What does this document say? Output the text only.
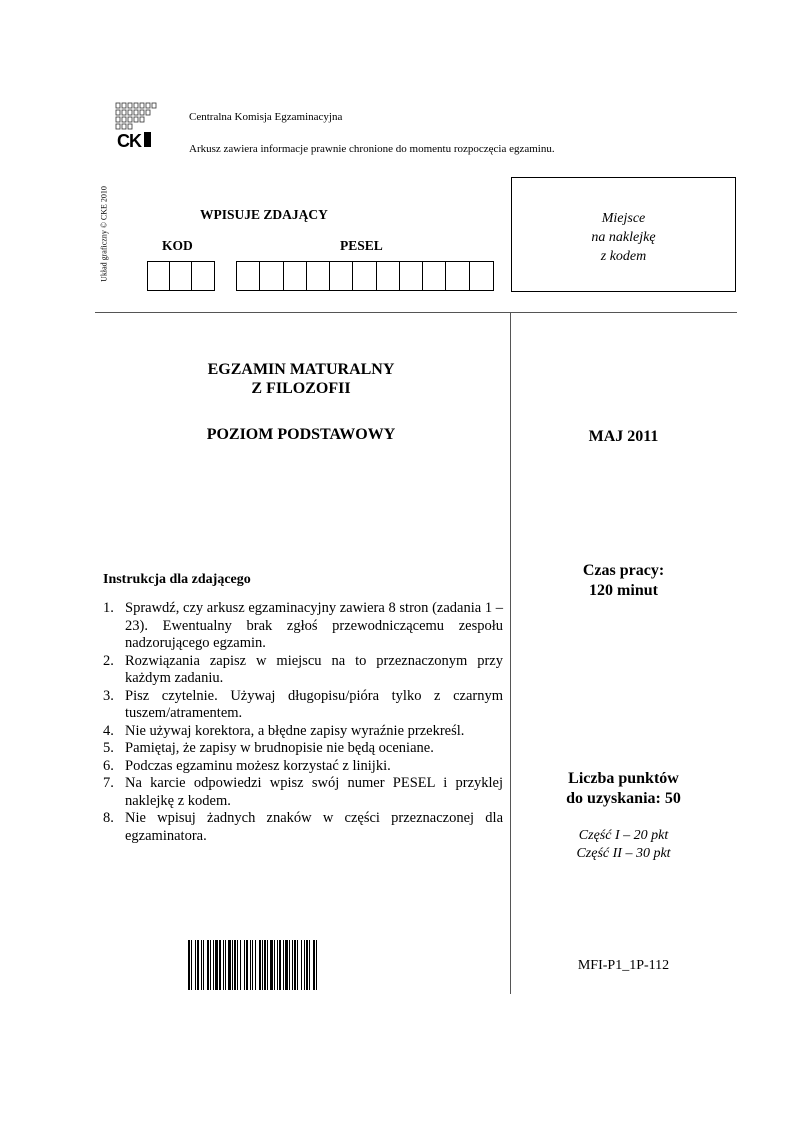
CK
Centralna Komisja Egzaminacyjna
Arkusz zawiera informacje prawnie chronione do momentu rozpoczęcia egzaminu.
Układ graficzny © CKE 2010	WPISUJE ZDAJĄCY
KOD	PESEL
Miejsce
na naklejkę
z kodem
EGZAMIN MATURALNY
Z FILOZOFII
POZIOM PODSTAWOWY	MAJ 2011
Czas pracy:
120 minut
Liczba punktów
do uzyskania: 50
Część I – 20 pkt
Część II – 30 pkt
MFI-P1_1P-112
Instrukcja dla zdającego
1. Sprawdź, czy arkusz egzaminacyjny zawiera 8 stron (zadania 1 – 23). Ewentualny brak zgłoś przewodniczącemu zespołu nadzorującego egzamin.
2. Rozwiązania zapisz w miejscu na to przeznaczonym przy każdym zadaniu.
3. Pisz czytelnie. Używaj długopisu/pióra tylko z czarnym tuszem/atramentem.
4. Nie używaj korektora, a błędne zapisy wyraźnie przekreśl.
5. Pamiętaj, że zapisy w brudnopisie nie będą oceniane.
6. Podczas egzaminu możesz korzystać z linijki.
7. Na karcie odpowiedzi wpisz swój numer PESEL i przyklej naklejkę z kodem.
8. Nie wpisuj żadnych znaków w części przeznaczonej dla egzaminatora.
